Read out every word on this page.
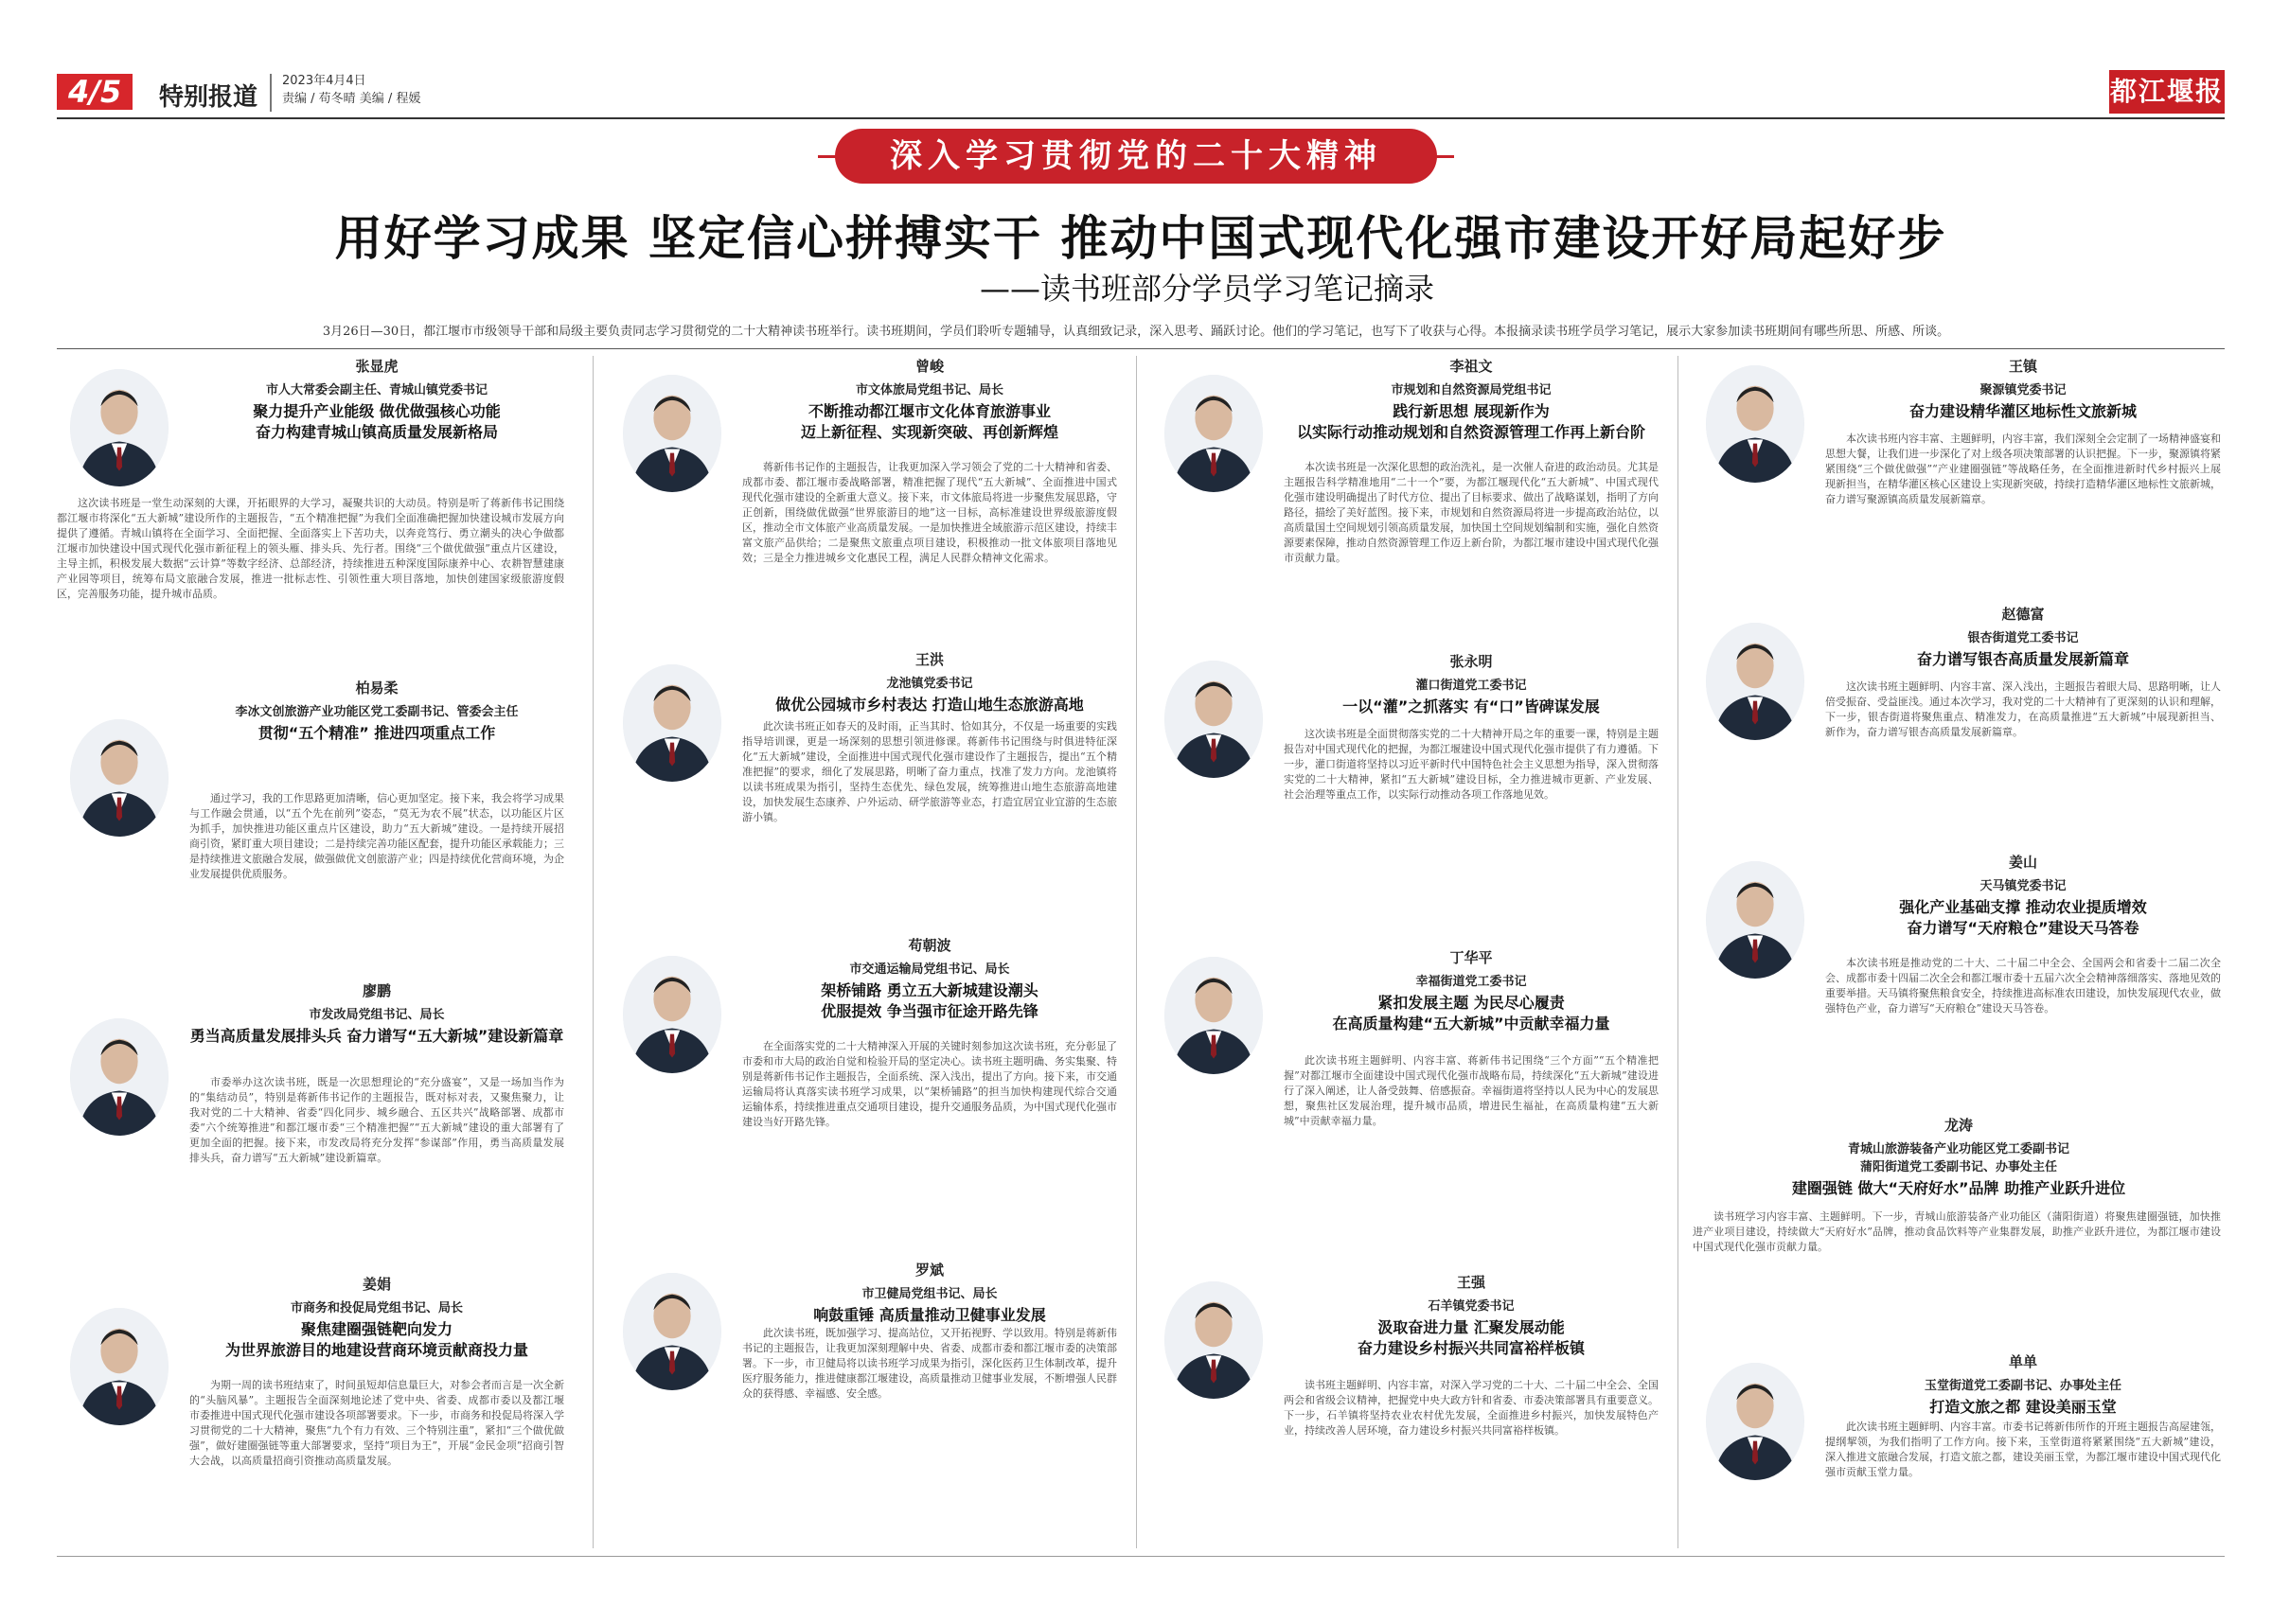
4/5	特别报道
2023年4月4日
责编 / 苟冬晴 美编 / 程媛	都江堰报
深入学习贯彻党的二十大精神
用好学习成果 坚定信心拼搏实干 推动中国式现代化强市建设开好局起好步
——读书班部分学员学习笔记摘录
3月26日—30日，都江堰市市级领导干部和局级主要负责同志学习贯彻党的二十大精神读书班举行。读书班期间，学员们聆听专题辅导，认真细致记录，深入思考、踊跃讨论。他们的学习笔记，也写下了收获与心得。本报摘录读书班学员学习笔记，展示大家参加读书班期间有哪些所思、所感、所谈。
张显虎
市人大常委会副主任、青城山镇党委书记
聚力提升产业能级 做优做强核心功能
奋力构建青城山镇高质量发展新格局
这次读书班是一堂生动深刻的大课，开拓眼界的大学习，凝聚共识的大动员。特别是听了蒋新伟书记围绕都江堰市将深化“五大新城”建设所作的主题报告，“五个精准把握”为我们全面准确把握加快建设城市发展方向提供了遵循。青城山镇将在全面学习、全面把握、全面落实上下苦功夫，以奔竞笃行、勇立潮头的决心争做都江堰市加快建设中国式现代化强市新征程上的领头雁、排头兵、先行者。围绕“三个做优做强”重点片区建设，主导主抓，积极发展大数据“云计算”等数字经济、总部经济，持续推进五种深度国际康养中心、农耕智慧建康产业园等项目，统筹布局文旅融合发展，推进一批标志性、引领性重大项目落地，加快创建国家级旅游度假区，完善服务功能，提升城市品质。
柏易柔
李冰文创旅游产业功能区党工委副书记、管委会主任
贯彻“五个精准” 推进四项重点工作
通过学习，我的工作思路更加清晰，信心更加坚定。接下来，我会将学习成果与工作融会贯通，以“五个先在前列”姿态，“莫无为农不展”状态，以功能区片区为抓手，加快推进功能区重点片区建设，助力“五大新城”建设。一是持续开展招商引资，紧盯重大项目建设；二是持续完善功能区配套，提升功能区承载能力；三是持续推进文旅融合发展，做强做优文创旅游产业；四是持续优化营商环境，为企业发展提供优质服务。
廖鹏
市发改局党组书记、局长
勇当高质量发展排头兵 奋力谱写“五大新城”建设新篇章
市委举办这次读书班，既是一次思想理论的“充分盛宴”，又是一场加当作为的“集结动员”，特别是蒋新伟书记作的主题报告，既对标对表，又聚焦聚力，让我对党的二十大精神、省委“四化同步、城乡融合、五区共兴”战略部署、成都市委“六个统筹推进”和都江堰市委“三个精准把握”“五大新城”建设的重大部署有了更加全面的把握。接下来，市发改局将充分发挥“参谋部”作用，勇当高质量发展排头兵，奋力谱写“五大新城”建设新篇章。
姜娟
市商务和投促局党组书记、局长
聚焦建圈强链靶向发力
为世界旅游目的地建设营商环境贡献商投力量
为期一周的读书班结束了，时间虽短却信息量巨大，对参会者而言是一次全新的“头脑风暴”。主题报告全面深刻地论述了党中央、省委、成都市委以及都江堰市委推进中国式现代化强市建设各项部署要求。下一步，市商务和投促局将深入学习贯彻党的二十大精神，聚焦“九个有力有效、三个特别注重”，紧扣“三个做优做强”，做好建圈强链等重大部署要求，坚持“项目为王”，开展“金民金项”招商引智大会战，以高质量招商引资推动高质量发展。
曾峻
市文体旅局党组书记、局长
不断推动都江堰市文化体育旅游事业
迈上新征程、实现新突破、再创新辉煌
蒋新伟书记作的主题报告，让我更加深入学习领会了党的二十大精神和省委、成都市委、都江堰市委战略部署，精准把握了现代“五大新城”、全面推进中国式现代化强市建设的全新重大意义。接下来，市文体旅局将进一步聚焦发展思路，守正创新，围绕做优做强“世界旅游目的地”这一目标，高标准建设世界级旅游度假区，推动全市文体旅产业高质量发展。一是加快推进全域旅游示范区建设，持续丰富文旅产品供给；二是聚焦文旅重点项目建设，积极推动一批文体旅项目落地见效；三是全力推进城乡文化惠民工程，满足人民群众精神文化需求。
王洪
龙池镇党委书记
做优公园城市乡村表达 打造山地生态旅游高地
此次读书班正如春天的及时雨，正当其时、恰如其分，不仅是一场重要的实践指导培训课，更是一场深刻的思想引领进修课。蒋新伟书记围绕与时俱进特征深化“五大新城”建设，全面推进中国式现代化强市建设作了主题报告，提出“五个精准把握”的要求，细化了发展思路，明晰了奋力重点，找准了发力方向。龙池镇将以读书班成果为指引，坚持生态优先、绿色发展，统筹推进山地生态旅游高地建设，加快发展生态康养、户外运动、研学旅游等业态，打造宜居宜业宜游的生态旅游小镇。
苟朝波
市交通运输局党组书记、局长
架桥铺路 勇立五大新城建设潮头
优服提效 争当强市征途开路先锋
在全面落实党的二十大精神深入开展的关键时刻参加这次读书班，充分彰显了市委和市大局的政治自觉和检验开局的坚定决心。读书班主题明确、务实集聚、特别是蒋新伟书记作主题报告，全面系统、深入浅出，提出了方向。接下来，市交通运输局将认真落实读书班学习成果，以“架桥铺路”的担当加快构建现代综合交通运输体系，持续推进重点交通项目建设，提升交通服务品质，为中国式现代化强市建设当好开路先锋。
罗斌
市卫健局党组书记、局长
响鼓重锤 高质量推动卫健事业发展
此次读书班，既加强学习、提高站位，又开拓视野、学以致用。特别是蒋新伟书记的主题报告，让我更加深刻理解中央、省委、成都市委和都江堰市委的决策部署。下一步，市卫健局将以读书班学习成果为指引，深化医药卫生体制改革，提升医疗服务能力，推进健康都江堰建设，高质量推动卫健事业发展，不断增强人民群众的获得感、幸福感、安全感。
李祖文
市规划和自然资源局党组书记
践行新思想 展现新作为
以实际行动推动规划和自然资源管理工作再上新台阶
本次读书班是一次深化思想的政治洗礼，是一次催人奋进的政治动员。尤其是主题报告科学精准地用“二十一个”要，为都江堰现代化“五大新城”、中国式现代化强市建设明确提出了时代方位、提出了目标要求、做出了战略谋划，指明了方向路径，描绘了美好蓝图。接下来，市规划和自然资源局将进一步提高政治站位，以高质量国土空间规划引领高质量发展，加快国土空间规划编制和实施，强化自然资源要素保障，推动自然资源管理工作迈上新台阶，为都江堰市建设中国式现代化强市贡献力量。
张永明
灌口街道党工委书记
一以“灌”之抓落实 有“口”皆碑谋发展
这次读书班是全面贯彻落实党的二十大精神开局之年的重要一课，特别是主题报告对中国式现代化的把握，为都江堰建设中国式现代化强市提供了有力遵循。下一步，灌口街道将坚持以习近平新时代中国特色社会主义思想为指导，深入贯彻落实党的二十大精神，紧扣“五大新城”建设目标，全力推进城市更新、产业发展、社会治理等重点工作，以实际行动推动各项工作落地见效。
丁华平
幸福街道党工委书记
紧扣发展主题 为民尽心履责
在高质量构建“五大新城”中贡献幸福力量
此次读书班主题鲜明、内容丰富、蒋新伟书记围绕“三个方面”“五个精准把握”对都江堰市全面建设中国式现代化强市战略布局，持续深化“五大新城”建设进行了深入阐述，让人备受鼓舞、倍感振奋。幸福街道将坚持以人民为中心的发展思想，聚焦社区发展治理，提升城市品质，增进民生福祉，在高质量构建“五大新城”中贡献幸福力量。
王强
石羊镇党委书记
汲取奋进力量 汇聚发展动能
奋力建设乡村振兴共同富裕样板镇
读书班主题鲜明、内容丰富，对深入学习党的二十大、二十届二中全会、全国两会和省级会议精神，把握党中央大政方针和省委、市委决策部署具有重要意义。下一步，石羊镇将坚持农业农村优先发展，全面推进乡村振兴，加快发展特色产业，持续改善人居环境，奋力建设乡村振兴共同富裕样板镇。
王镇
聚源镇党委书记
奋力建设精华灌区地标性文旅新城
本次读书班内容丰富、主题鲜明，内容丰富，我们深刻全会定制了一场精神盛宴和思想大餐，让我们进一步深化了对上级各项决策部署的认识把握。下一步，聚源镇将紧紧围绕“三个做优做强”“产业建圈强链”等战略任务，在全面推进新时代乡村振兴上展现新担当，在精华灌区核心区建设上实现新突破，持续打造精华灌区地标性文旅新城，奋力谱写聚源镇高质量发展新篇章。
赵德富
银杏街道党工委书记
奋力谱写银杏高质量发展新篇章
这次读书班主题鲜明、内容丰富、深入浅出，主题报告着眼大局、思路明晰，让人倍受振奋、受益匪浅。通过本次学习，我对党的二十大精神有了更深刻的认识和理解，下一步，银杏街道将聚焦重点、精准发力，在高质量推进“五大新城”中展现新担当、新作为，奋力谱写银杏高质量发展新篇章。
姜山
天马镇党委书记
强化产业基础支撑 推动农业提质增效
奋力谱写“天府粮仓”建设天马答卷
本次读书班是推动党的二十大、二十届二中全会、全国两会和省委十二届二次全会、成都市委十四届二次全会和都江堰市委十五届六次全会精神落细落实、落地见效的重要举措。天马镇将聚焦粮食安全，持续推进高标准农田建设，加快发展现代农业，做强特色产业，奋力谱写“天府粮仓”建设天马答卷。
龙涛
青城山旅游装备产业功能区党工委副书记
蒲阳街道党工委副书记、办事处主任
建圈强链 做大“天府好水”品牌 助推产业跃升进位
读书班学习内容丰富、主题鲜明。下一步，青城山旅游装备产业功能区（蒲阳街道）将聚焦建圈强链，加快推进产业项目建设，持续做大“天府好水”品牌，推动食品饮料等产业集群发展，助推产业跃升进位，为都江堰市建设中国式现代化强市贡献力量。
单单
玉堂街道党工委副书记、办事处主任
打造文旅之都 建设美丽玉堂
此次读书班主题鲜明、内容丰富。市委书记蒋新伟所作的开班主题报告高屋建瓴，提纲挈领，为我们指明了工作方向。接下来，玉堂街道将紧紧围绕“五大新城”建设，深入推进文旅融合发展，打造文旅之都，建设美丽玉堂，为都江堰市建设中国式现代化强市贡献玉堂力量。
